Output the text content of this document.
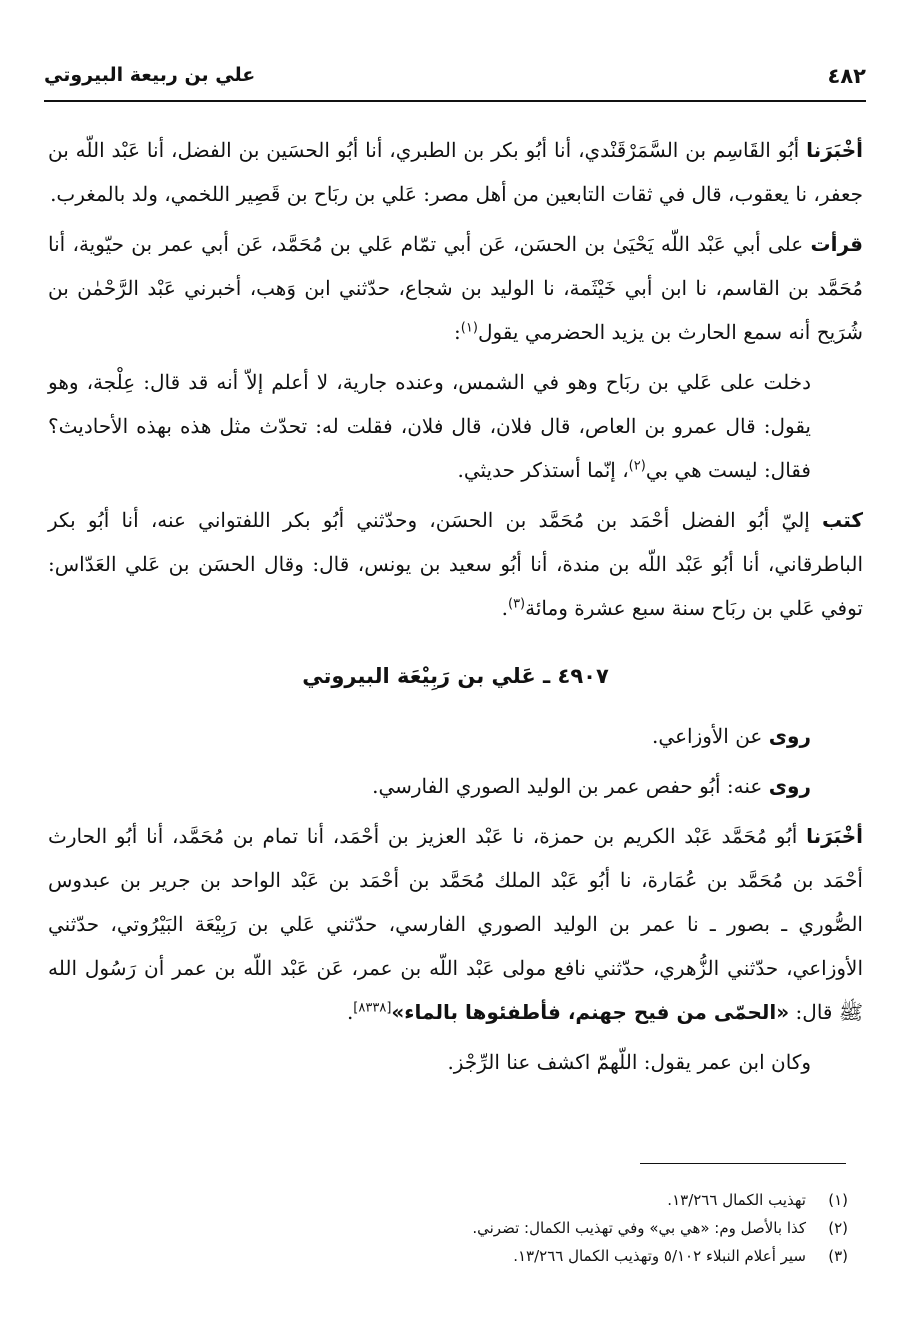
٤٨٢
علي بن ربيعة البيروتي

أخْبَرَنا أبُو القَاسِم بن السَّمَرْقَنْدي، أنا أبُو بكر بن الطبري، أنا أبُو الحسَين بن الفضل، أنا عَبْد اللّه بن جعفر، نا يعقوب، قال في ثقات التابعين من أهل مصر: عَلي بن ربَاح بن قَصِير اللخمي، ولد بالمغرب.

قرأت على أبي عَبْد اللّه يَحْيَىٰ بن الحسَن، عَن أبي تمّام عَلي بن مُحَمَّد، عَن أبي عمر بن حيّوية، أنا مُحَمَّد بن القاسم، نا ابن أبي خَيْثَمة، نا الوليد بن شجاع، حدّثني ابن وَهب، أخبرني عَبْد الرَّحْمٰن بن شُرَيح أنه سمع الحارث بن يزيد الحضرمي يقول$^{(١)}$:

دخلت على عَلي بن ربَاح وهو في الشمس، وعنده جارية، لا أعلم إلاّ أنه قد قال: عِلْجة، وهو يقول: قال عمرو بن العاص، قال فلان، قال فلان، فقلت له: تحدّث مثل هذه بهذه الأحاديث؟ فقال: ليست هي بي$^{(٢)}$، إنّما أستذكر حديثي.

كتب إليّ أبُو الفضل أحْمَد بن مُحَمَّد بن الحسَن، وحدّثني أبُو بكر اللفتواني عنه، أنا أبُو بكر الباطرقاني، أنا أبُو عَبْد اللّه بن مندة، أنا أبُو سعيد بن يونس، قال: وقال الحسَن بن عَلي العَدّاس: توفي عَلي بن ربَاح سنة سبع عشرة ومائة$^{(٣)}$.

٤٩٠٧ ـ عَلي بن رَبِيْعَة البيروتي

روى عن الأوزاعي.

روى عنه: أبُو حفص عمر بن الوليد الصوري الفارسي.

أخْبَرَنا أبُو مُحَمَّد عَبْد الكريم بن حمزة، نا عَبْد العزيز بن أحْمَد، أنا تمام بن مُحَمَّد، أنا أبُو الحارث أحْمَد بن مُحَمَّد بن عُمَارة، نا أبُو عَبْد الملك مُحَمَّد بن أحْمَد بن عَبْد الواحد بن جرير بن عبدوس الصُّوري ـ بصور ـ نا عمر بن الوليد الصوري الفارسي، حدّثني عَلي بن رَبِيْعَة البَيْرُوتي، حدّثني الأوزاعي، حدّثني الزُّهري، حدّثني نافع مولى عَبْد اللّه بن عمر، عَن عَبْد اللّه بن عمر أن رَسُول الله ﷺ قال: «الحمّى من فيح جهنم، فأطفئوها بالماء»[٨٣٣٨].

وكان ابن عمر يقول: اللّهمّ اكشف عنا الرِّجْز.

(١)تهذيب الكمال ١٣/٢٦٦.
(٢)كذا بالأصل وم: «هي بي» وفي تهذيب الكمال: تضرني.
(٣)سير أعلام النبلاء ٥/١٠٢ وتهذيب الكمال ١٣/٢٦٦.
